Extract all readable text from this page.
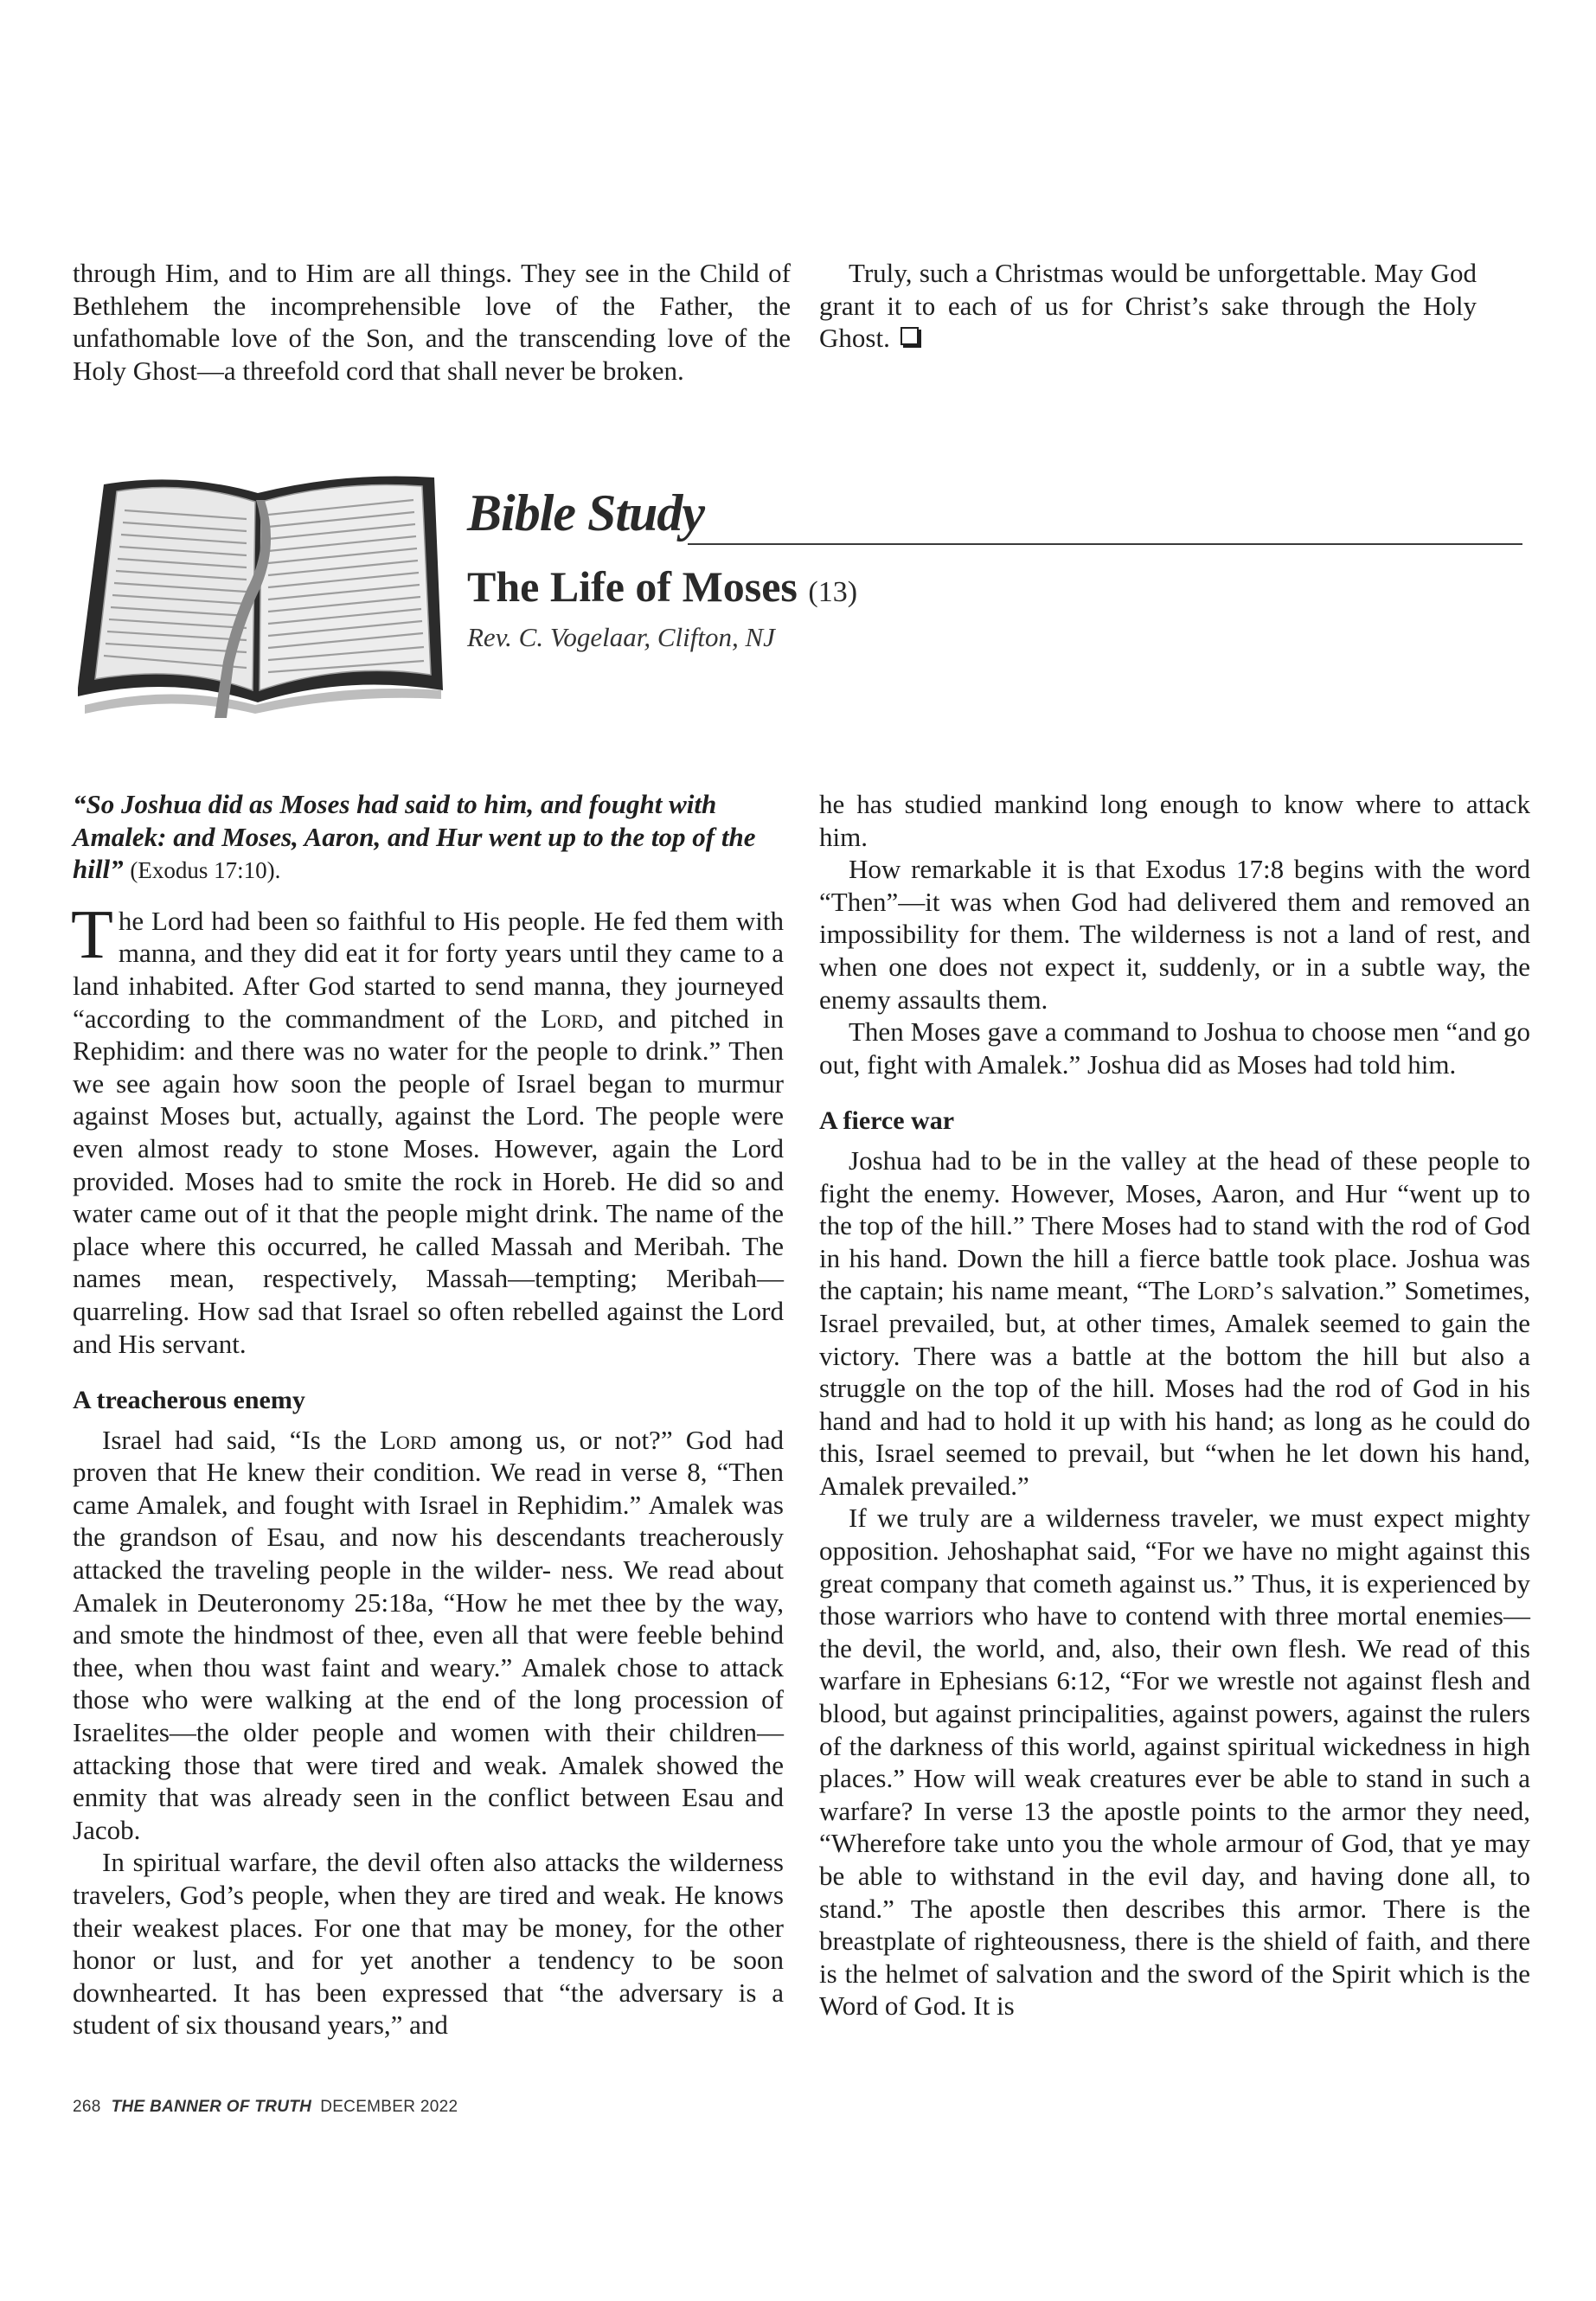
through Him, and to Him are all things. They see in the Child of Bethlehem the incomprehensible love of the Father, the unfathomable love of the Son, and the transcending love of the Holy Ghost—a threefold cord that shall never be broken.

Truly, such a Christmas would be unforgettable. May God grant it to each of us for Christ’s sake through the Holy Ghost.

Bible Study
The Life of Moses (13)

Rev. C. Vogelaar, Clifton, NJ

“So Joshua did as Moses had said to him, and fought with Amalek: and Moses, Aaron, and Hur went up to the top of the hill” (Exodus 17:10).

The Lord had been so faithful to His people. He fed them with manna, and they did eat it for forty years until they came to a land inhabited. After God started to send manna, they journeyed “according to the commandment of the Lord, and pitched in Rephidim: and there was no water for the people to drink.” Then we see again how soon the people of Israel began to murmur against Moses but, actually, against the Lord. The people were even almost ready to stone Moses. However, again the Lord provided. Moses had to smite the rock in Horeb. He did so and water came out of it that the people might drink. The name of the place where this occurred, he called Massah and Meribah. The names mean, respectively, Massah—tempting; Meribah—quarreling. How sad that Israel so often rebelled against the Lord and His servant.

A treacherous enemy

Israel had said, “Is the Lord among us, or not?” God had proven that He knew their condition. We read in verse 8, “Then came Amalek, and fought with Israel in Rephidim.” Amalek was the grandson of Esau, and now his descendants treacherously attacked the traveling people in the wilder- ness. We read about Amalek in Deuteronomy 25:18a, “How he met thee by the way, and smote the hindmost of thee, even all that were feeble behind thee, when thou wast faint and weary.” Amalek chose to attack those who were walking at the end of the long procession of Israelites—the older people and women with their children—attacking those that were tired and weak. Amalek showed the enmity that was already seen in the conflict between Esau and Jacob.

In spiritual warfare, the devil often also attacks the wilderness travelers, God’s people, when they are tired and weak. He knows their weakest places. For one that may be money, for the other honor or lust, and for yet another a tendency to be soon downhearted. It has been expressed that “the adversary is a student of six thousand years,” and

he has studied mankind long enough to know where to attack him.

How remarkable it is that Exodus 17:8 begins with the word “Then”—it was when God had delivered them and removed an impossibility for them. The wilderness is not a land of rest, and when one does not expect it, suddenly, or in a subtle way, the enemy assaults them.

Then Moses gave a command to Joshua to choose men “and go out, fight with Amalek.” Joshua did as Moses had told him.

A fierce war

Joshua had to be in the valley at the head of these people to fight the enemy. However, Moses, Aaron, and Hur “went up to the top of the hill.” There Moses had to stand with the rod of God in his hand. Down the hill a fierce battle took place. Joshua was the captain; his name meant, “The Lord’s salvation.” Sometimes, Israel prevailed, but, at other times, Amalek seemed to gain the victory. There was a battle at the bottom the hill but also a struggle on the top of the hill. Moses had the rod of God in his hand and had to hold it up with his hand; as long as he could do this, Israel seemed to prevail, but “when he let down his hand, Amalek prevailed.”

If we truly are a wilderness traveler, we must expect mighty opposition. Jehoshaphat said, “For we have no might against this great company that cometh against us.” Thus, it is experienced by those warriors who have to contend with three mortal enemies—the devil, the world, and, also, their own flesh. We read of this warfare in Ephesians 6:12, “For we wrestle not against flesh and blood, but against principalities, against powers, against the rulers of the darkness of this world, against spiritual wickedness in high places.” How will weak creatures ever be able to stand in such a warfare? In verse 13 the apostle points to the armor they need, “Wherefore take unto you the whole armour of God, that ye may be able to withstand in the evil day, and having done all, to stand.” The apostle then describes this armor. There is the breastplate of righteousness, there is the shield of faith, and there is the helmet of salvation and the sword of the Spirit which is the Word of God. It is

268 THE BANNER OF TRUTH DECEMBER 2022
